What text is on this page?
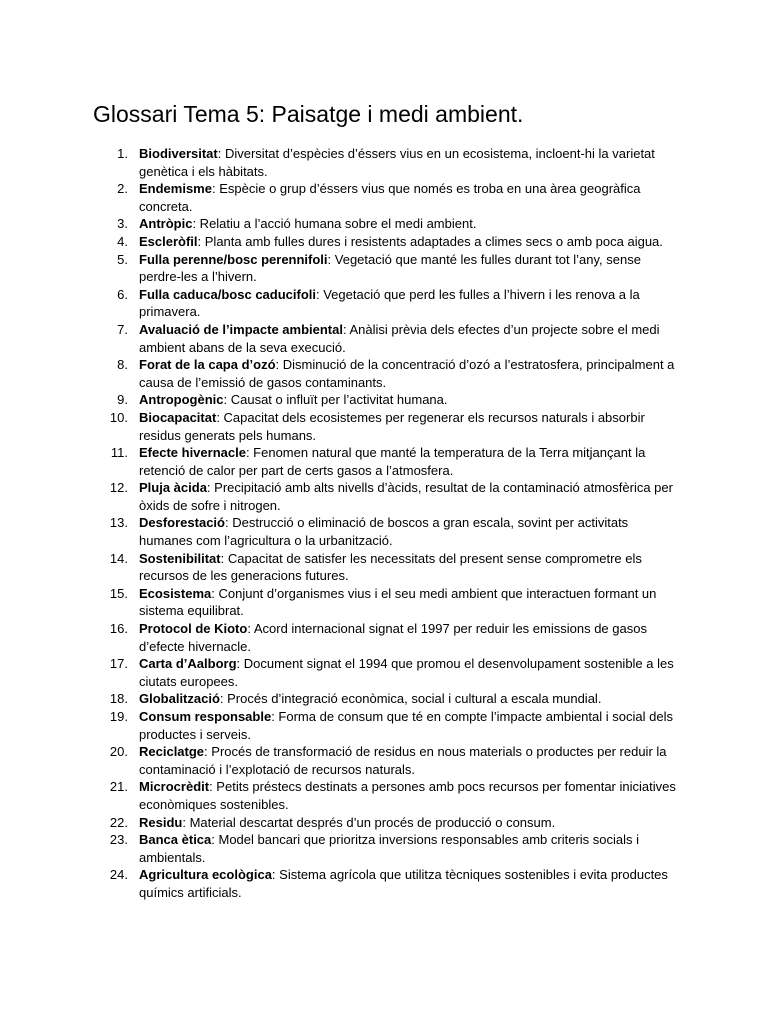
Glossari Tema 5: Paisatge i medi ambient.
1. Biodiversitat: Diversitat d’espècies d’éssers vius en un ecosistema, incloent-hi la varietat genètica i els hàbitats.
2. Endemisme: Espècie o grup d’éssers vius que només es troba en una àrea geogràfica concreta.
3. Antròpic: Relatiu a l’acció humana sobre el medi ambient.
4. Escleròfil: Planta amb fulles dures i resistents adaptades a climes secs o amb poca aigua.
5. Fulla perenne/bosc perennifoli: Vegetació que manté les fulles durant tot l’any, sense perdre-les a l’hivern.
6. Fulla caduca/bosc caducifoli: Vegetació que perd les fulles a l’hivern i les renova a la primavera.
7. Avaluació de l’impacte ambiental: Anàlisi prèvia dels efectes d’un projecte sobre el medi ambient abans de la seva execució.
8. Forat de la capa d’ozó: Disminució de la concentració d’ozó a l’estratosfera, principalment a causa de l’emissió de gasos contaminants.
9. Antropogènic: Causat o influït per l’activitat humana.
10. Biocapacitat: Capacitat dels ecosistemes per regenerar els recursos naturals i absorbir residus generats pels humans.
11. Efecte hivernacle: Fenomen natural que manté la temperatura de la Terra mitjançant la retenció de calor per part de certs gasos a l’atmosfera.
12. Pluja àcida: Precipitació amb alts nivells d’àcids, resultat de la contaminació atmosfèrica per òxids de sofre i nitrogen.
13. Desforestació: Destrucció o eliminació de boscos a gran escala, sovint per activitats humanes com l’agricultura o la urbanització.
14. Sostenibilitat: Capacitat de satisfer les necessitats del present sense comprometre els recursos de les generacions futures.
15. Ecosistema: Conjunt d’organismes vius i el seu medi ambient que interactuen formant un sistema equilibrat.
16. Protocol de Kioto: Acord internacional signat el 1997 per reduir les emissions de gasos d’efecte hivernacle.
17. Carta d’Aalborg: Document signat el 1994 que promou el desenvolupament sostenible a les ciutats europees.
18. Globalització: Procés d’integració econòmica, social i cultural a escala mundial.
19. Consum responsable: Forma de consum que té en compte l’impacte ambiental i social dels productes i serveis.
20. Reciclatge: Procés de transformació de residus en nous materials o productes per reduir la contaminació i l’explotació de recursos naturals.
21. Microcrèdit: Petits préstecs destinats a persones amb pocs recursos per fomentar iniciatives econòmiques sostenibles.
22. Residu: Material descartat després d’un procés de producció o consum.
23. Banca ètica: Model bancari que prioritza inversions responsables amb criteris socials i ambientals.
24. Agricultura ecològica: Sistema agrícola que utilitza tècniques sostenibles i evita productes químics artificials.
